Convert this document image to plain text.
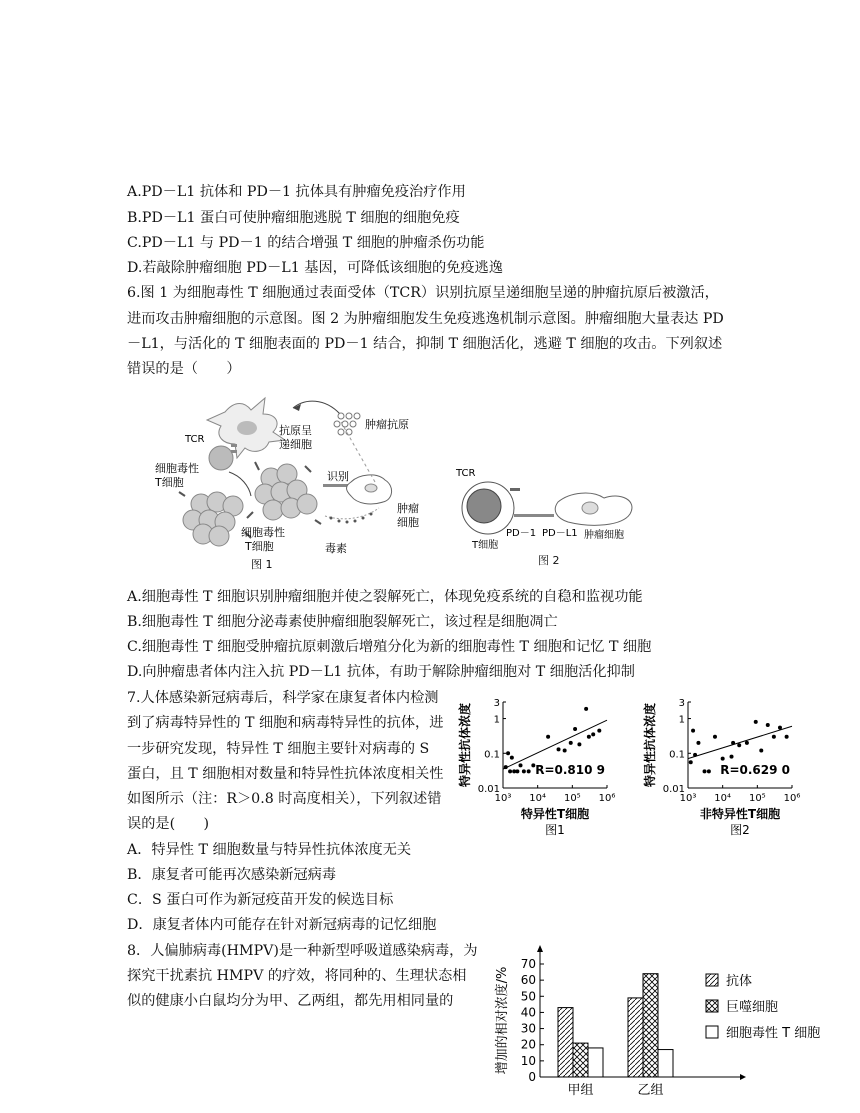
A.PD－L1 抗体和 PD－1 抗体具有肿瘤免疫治疗作用
B.PD－L1 蛋白可使肿瘤细胞逃脱 T 细胞的细胞免疫
C.PD－L1 与 PD－1 的结合增强 T 细胞的肿瘤杀伤功能
D.若敲除肿瘤细胞 PD－L1 基因，可降低该细胞的免疫逃逸
6.图 1 为细胞毒性 T 细胞通过表面受体（TCR）识别抗原呈递细胞呈递的肿瘤抗原后被激活，
进而攻击肿瘤细胞的示意图。图 2 为肿瘤细胞发生免疫逃逸机制示意图。肿瘤细胞大量表达 PD
－L1，与活化的 T 细胞表面的 PD－1 结合，抑制 T 细胞活化，逃避 T 细胞的攻击。下列叙述
错误的是（　　）
肿瘤抗原
抗原呈
递细胞
TCR
细胞毒性
T细胞	识别
肿瘤
细胞
毒素
细胞毒性
T细胞
图 1
TCR
PD－1 PD－L1
T细胞
肿瘤细胞
图 2
A.细胞毒性 T 细胞识别肿瘤细胞并使之裂解死亡，体现免疫系统的自稳和监视功能
B.细胞毒性 T 细胞分泌毒素使肿瘤细胞裂解死亡，该过程是细胞凋亡
C.细胞毒性 T 细胞受肿瘤抗原刺激后增殖分化为新的细胞毒性 T 细胞和记忆 T 细胞
D.向肿瘤患者体内注入抗 PD－L1 抗体，有助于解除肿瘤细胞对 T 细胞活化抑制
7.人体感染新冠病毒后，科学家在康复者体内检测
到了病毒特异性的 T 细胞和病毒特异性的抗体，进
一步研究发现，特异性 T 细胞主要针对病毒的 S
蛋白，且 T 细胞相对数量和特异性抗体浓度相关性
如图所示（注：R＞0.8 时高度相关），下列叙述错
误的是(　　)
A．特异性 T 细胞数量与特异性抗体浓度无关
B．康复者可能再次感染新冠病毒
C．S 蛋白可作为新冠疫苗开发的候选目标
D．康复者体内可能存在针对新冠病毒的记忆细胞
8．人偏肺病毒(HMPV)是一种新型呼吸道感染病毒，为
探究干扰素抗 HMPV 的疗效，将同种的、生理状态相
似的健康小白鼠均分为甲、乙两组，都先用相同量的
10³ 10⁴ 10⁵ 10⁶
0.01
0.1
1
3
R=0.810 9
特异性抗体浓度
特异性T细胞
图1
10³ 10⁴ 10⁵ 10⁶
0.01
0.1
1
3
R=0.629 0
特异性抗体浓度
非特异性T细胞
图2
0
10
20
30
40
50
60
70
增加的相对浓度/%
甲组	乙组
抗体
巨噬细胞
细胞毒性 T 细胞
